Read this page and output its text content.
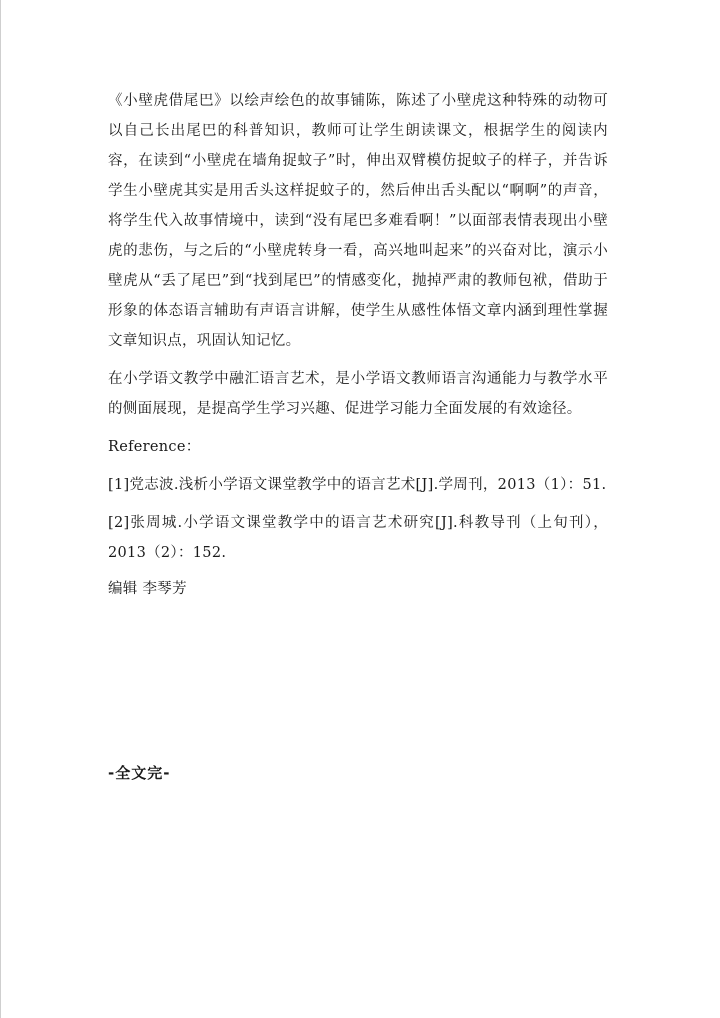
《小壁虎借尾巴》以绘声绘色的故事铺陈，陈述了小壁虎这种特殊的动物可以自己长出尾巴的科普知识，教师可让学生朗读课文，根据学生的阅读内容，在读到“小壁虎在墙角捉蚊子”时，伸出双臂模仿捉蚊子的样子，并告诉学生小壁虎其实是用舌头这样捉蚊子的，然后伸出舌头配以“啊啊”的声音，将学生代入故事情境中，读到“没有尾巴多难看啊！”以面部表情表现出小壁虎的悲伤，与之后的“小壁虎转身一看，高兴地叫起来”的兴奋对比，演示小壁虎从“丢了尾巴”到“找到尾巴”的情感变化，抛掉严肃的教师包袱，借助于形象的体态语言辅助有声语言讲解，使学生从感性体悟文章内涵到理性掌握文章知识点，巩固认知记忆。

在小学语文教学中融汇语言艺术，是小学语文教师语言沟通能力与教学水平的侧面展现，是提高学生学习兴趣、促进学习能力全面发展的有效途径。

Reference：

[1]党志波.浅析小学语文课堂教学中的语言艺术[J].学周刊，2013（1）：51.

[2]张周城.小学语文课堂教学中的语言艺术研究[J].科教导刊（上旬刊），2013（2）：152.

编辑 李琴芳

-全文完-
